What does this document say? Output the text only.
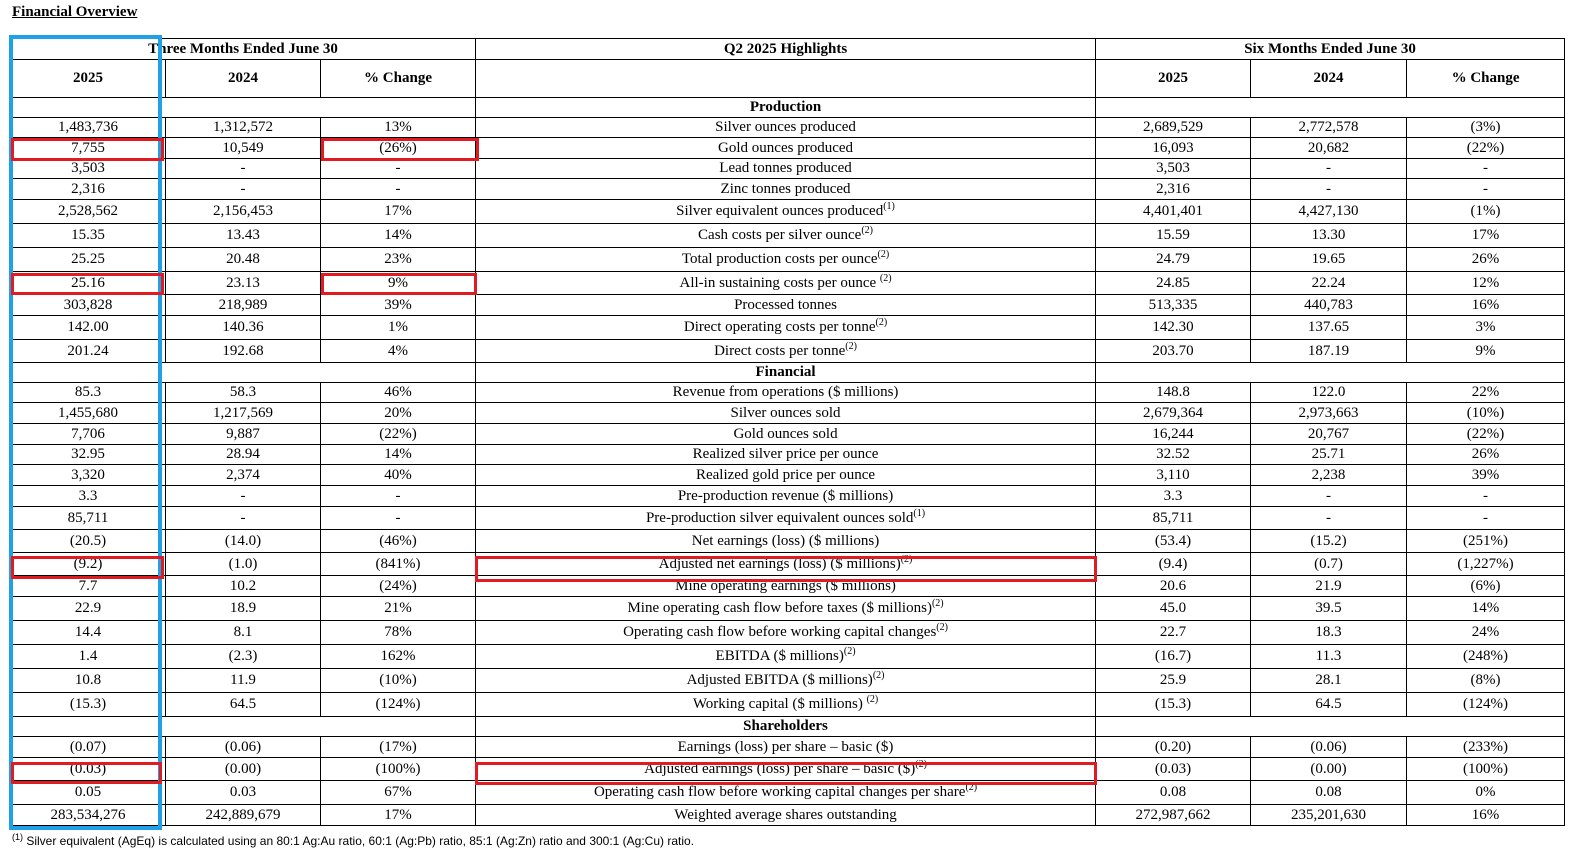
Financial Overview
Three Months Ended June 30			Q2 2025 Highlights	Six Months Ended June 30		
2025	2024	% Change		2025	2024	% Change
			Production			
1,483,736	1,312,572	13%	Silver ounces produced	2,689,529	2,772,578	(3%)
7,755	10,549	(26%)	Gold ounces produced	16,093	20,682	(22%)
3,503	-	-	Lead tonnes produced	3,503	-	-
2,316	-	-	Zinc tonnes produced	2,316	-	-
2,528,562	2,156,453	17%	Silver equivalent ounces produced$^{(1)}$	4,401,401	4,427,130	(1%)
15.35	13.43	14%	Cash costs per silver ounce$^{(2)}$	15.59	13.30	17%
25.25	20.48	23%	Total production costs per ounce$^{(2)}$	24.79	19.65	26%
25.16	23.13	9%	All-in sustaining costs per ounce $^{(2)}$	24.85	22.24	12%
303,828	218,989	39%	Processed tonnes	513,335	440,783	16%
142.00	140.36	1%	Direct operating costs per tonne$^{(2)}$	142.30	137.65	3%
201.24	192.68	4%	Direct costs per tonne$^{(2)}$	203.70	187.19	9%
			Financial			
85.3	58.3	46%	Revenue from operations ($ millions)	148.8	122.0	22%
1,455,680	1,217,569	20%	Silver ounces sold	2,679,364	2,973,663	(10%)
7,706	9,887	(22%)	Gold ounces sold	16,244	20,767	(22%)
32.95	28.94	14%	Realized silver price per ounce	32.52	25.71	26%
3,320	2,374	40%	Realized gold price per ounce	3,110	2,238	39%
3.3	-	-	Pre-production revenue ($ millions)	3.3	-	-
85,711	-	-	Pre-production silver equivalent ounces sold$^{(1)}$	85,711	-	-
(20.5)	(14.0)	(46%)	Net earnings (loss) ($ millions)	(53.4)	(15.2)	(251%)
(9.2)	(1.0)	(841%)	Adjusted net earnings (loss) ($ millions)$^{(2)}$	(9.4)	(0.7)	(1,227%)
7.7	10.2	(24%)	Mine operating earnings ($ millions)	20.6	21.9	(6%)
22.9	18.9	21%	Mine operating cash flow before taxes ($ millions)$^{(2)}$	45.0	39.5	14%
14.4	8.1	78%	Operating cash flow before working capital changes$^{(2)}$	22.7	18.3	24%
1.4	(2.3)	162%	EBITDA ($ millions)$^{(2)}$	(16.7)	11.3	(248%)
10.8	11.9	(10%)	Adjusted EBITDA ($ millions)$^{(2)}$	25.9	28.1	(8%)
(15.3)	64.5	(124%)	Working capital ($ millions) $^{(2)}$	(15.3)	64.5	(124%)
			Shareholders			
(0.07)	(0.06)	(17%)	Earnings (loss) per share – basic ($)	(0.20)	(0.06)	(233%)
(0.03)	(0.00)	(100%)	Adjusted earnings (loss) per share – basic ($)$^{(2)}$	(0.03)	(0.00)	(100%)
0.05	0.03	67%	Operating cash flow before working capital changes per share$^{(2)}$	0.08	0.08	0%
283,534,276	242,889,679	17%	Weighted average shares outstanding	272,987,662	235,201,630	16%
$^{(1)}$ Silver equivalent (AgEq) is calculated using an 80:1 Ag:Au ratio, 60:1 (Ag:Pb) ratio, 85:1 (Ag:Zn) ratio and 300:1 (Ag:Cu) ratio.
